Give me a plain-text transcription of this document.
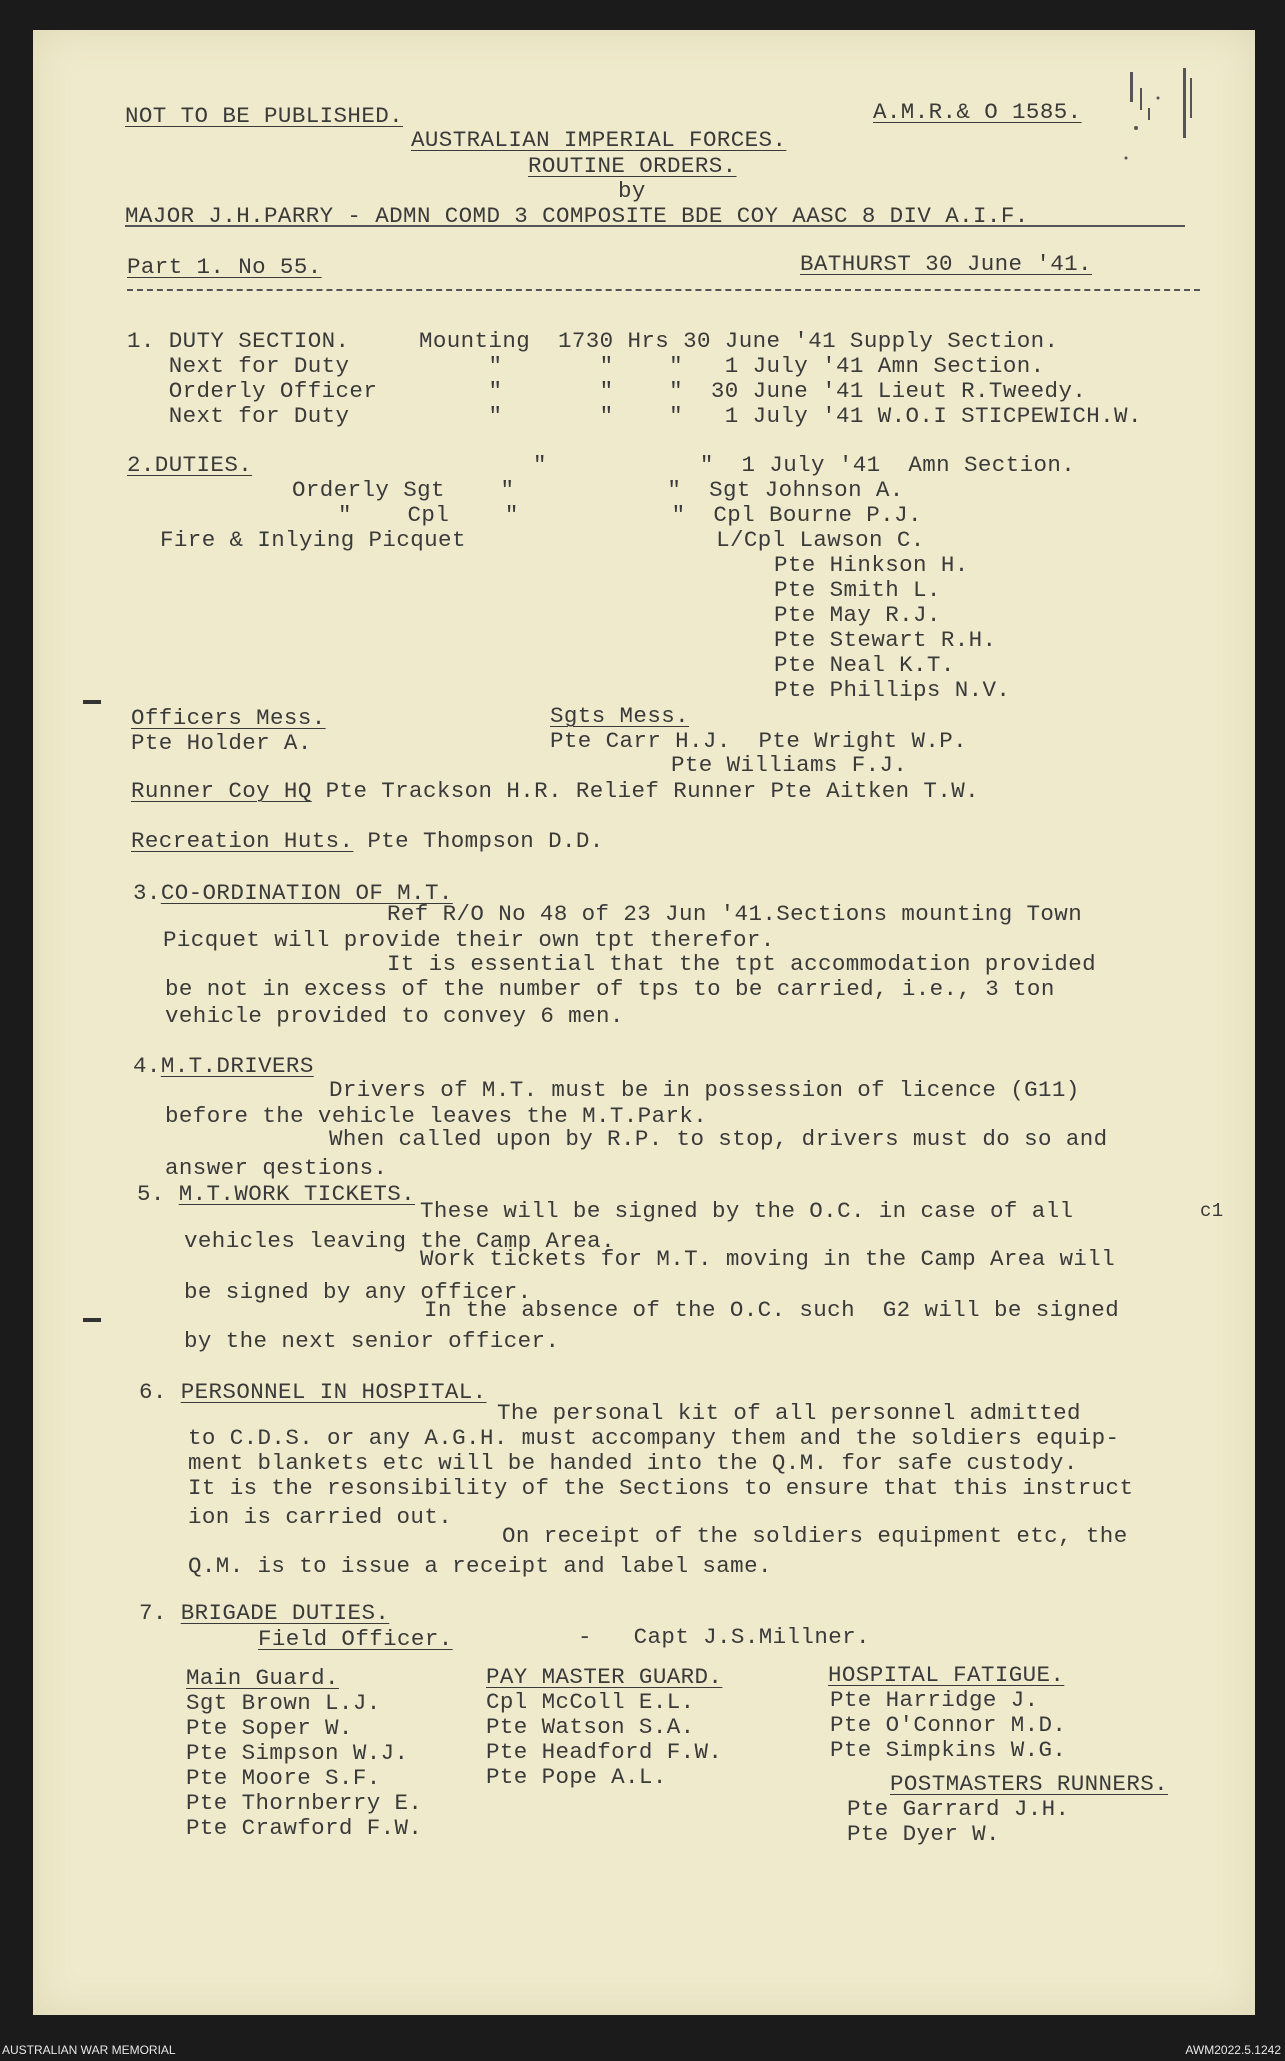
NOT TO BE PUBLISHED.	A.M.R.& O 1585.
AUSTRALIAN IMPERIAL FORCES.
ROUTINE ORDERS.
by
MAJOR J.H.PARRY - ADMN COMD 3 COMPOSITE BDE COY AASC 8 DIV A.I.F.
Part 1. No 55.	BATHURST 30 June '41.
1. DUTY SECTION.     Mounting  1730 Hrs 30 June '41 Supply Section.
Next for Duty          "       "    "   1 July '41 Amn Section.
Orderly Officer        "       "    "  30 June '41 Lieut R.Tweedy.
Next for Duty          "       "    "   1 July '41 W.O.I STICPEWICH.W.
2.DUTIES.	"           "  1 July '41  Amn Section.
Orderly Sgt    "           "  Sgt Johnson A.
"    Cpl    "           "  Cpl Bourne P.J.
Fire & Inlying Picquet                  L/Cpl Lawson C.
Pte Hinkson H.
Pte Smith L.
Pte May R.J.
Pte Stewart R.H.
Pte Neal K.T.
Pte Phillips N.V.
Officers Mess.
Pte Holder A.
Sgts Mess.
Pte Carr H.J.  Pte Wright W.P.
Pte Williams F.J.
Runner Coy HQ Pte Trackson H.R. Relief Runner Pte Aitken T.W.
Recreation Huts. Pte Thompson D.D.
3.CO-ORDINATION OF M.T.
Ref R/O No 48 of 23 Jun '41.Sections mounting Town
Picquet will provide their own tpt therefor.
It is essential that the tpt accommodation provided
be not in excess of the number of tps to be carried, i.e., 3 ton
vehicle provided to convey 6 men.
4.M.T.DRIVERS
Drivers of M.T. must be in possession of licence (G11)
before the vehicle leaves the M.T.Park.
When called upon by R.P. to stop, drivers must do so and
answer qestions.
5. M.T.WORK TICKETS.
These will be signed by the O.C. in case of all	c1
vehicles leaving the Camp Area.
Work tickets for M.T. moving in the Camp Area will
be signed by any officer.
In the absence of the O.C. such  G2 will be signed
by the next senior officer.
6. PERSONNEL IN HOSPITAL.
The personal kit of all personnel admitted
to C.D.S. or any A.G.H. must accompany them and the soldiers equip-
ment blankets etc will be handed into the Q.M. for safe custody.
It is the resonsibility of the Sections to ensure that this instruct
ion is carried out.
On receipt of the soldiers equipment etc, the
Q.M. is to issue a receipt and label same.
7. BRIGADE DUTIES.
Field Officer.	-   Capt J.S.Millner.
Main Guard.
Sgt Brown L.J.
Pte Soper W.
Pte Simpson W.J.
Pte Moore S.F.
Pte Thornberry E.
Pte Crawford F.W.
PAY MASTER GUARD.
Cpl McColl E.L.
Pte Watson S.A.
Pte Headford F.W.
Pte Pope A.L.
HOSPITAL FATIGUE.
Pte Harridge J.
Pte O'Connor M.D.
Pte Simpkins W.G.
POSTMASTERS RUNNERS.
Pte Garrard J.H.
Pte Dyer W.
AUSTRALIAN WAR MEMORIAL	AWM2022.5.1242
